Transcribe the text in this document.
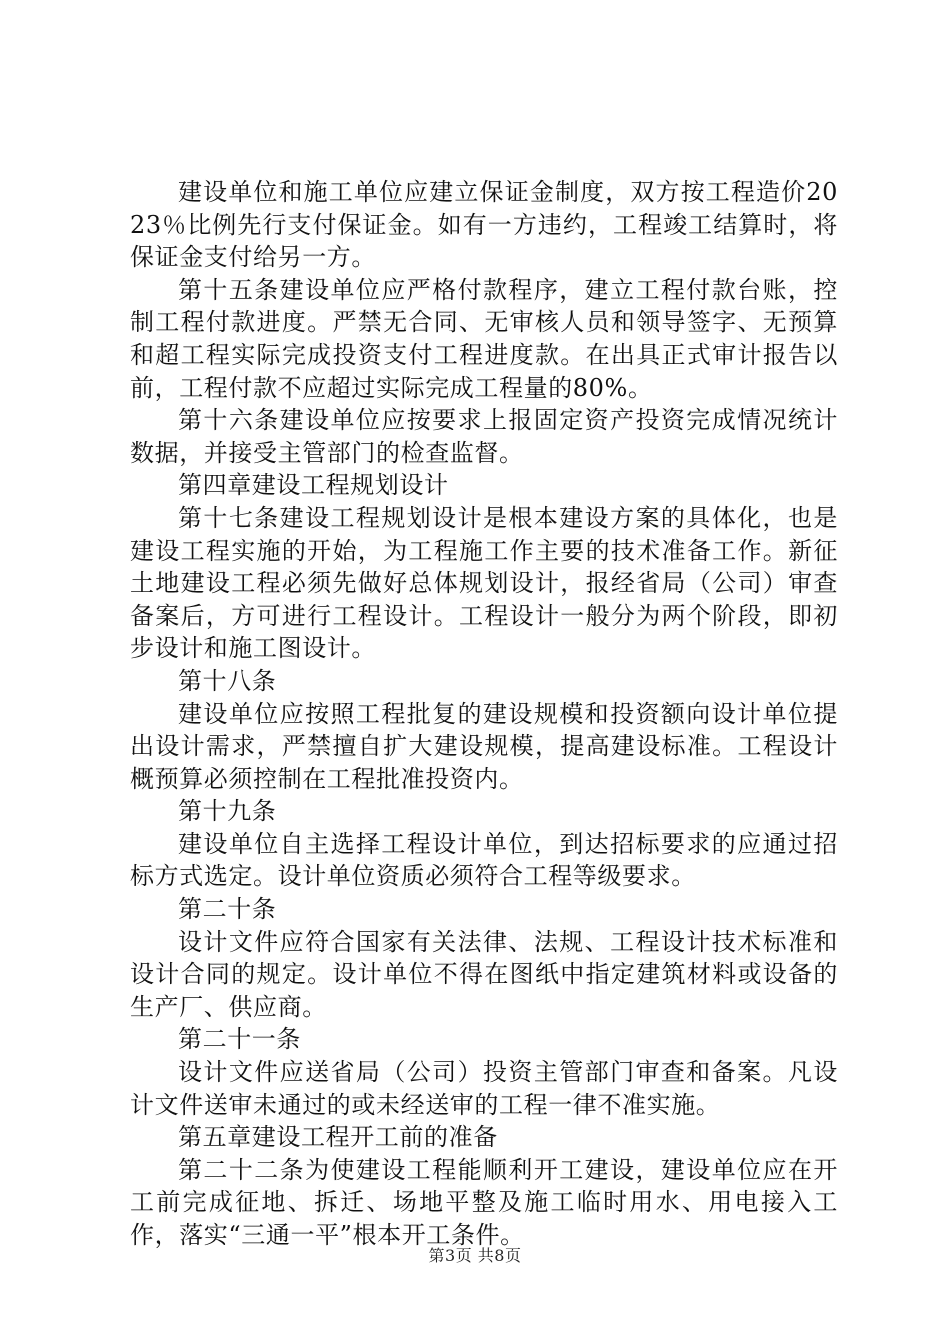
建设单位和施工单位应建立保证金制度，双方按工程造价2023％比例先行支付保证金。如有一方违约，工程竣工结算时，将保证金支付给另一方。

第十五条建设单位应严格付款程序，建立工程付款台账，控制工程付款进度。严禁无合同、无审核人员和领导签字、无预算和超工程实际完成投资支付工程进度款。在出具正式审计报告以前，工程付款不应超过实际完成工程量的80%。

第十六条建设单位应按要求上报固定资产投资完成情况统计数据，并接受主管部门的检查监督。

第四章建设工程规划设计

第十七条建设工程规划设计是根本建设方案的具体化，也是建设工程实施的开始，为工程施工作主要的技术准备工作。新征土地建设工程必须先做好总体规划设计，报经省局（公司）审查备案后，方可进行工程设计。工程设计一般分为两个阶段，即初步设计和施工图设计。

第十八条

建设单位应按照工程批复的建设规模和投资额向设计单位提出设计需求，严禁擅自扩大建设规模，提高建设标准。工程设计概预算必须控制在工程批准投资内。

第十九条

建设单位自主选择工程设计单位，到达招标要求的应通过招标方式选定。设计单位资质必须符合工程等级要求。

第二十条

设计文件应符合国家有关法律、法规、工程设计技术标准和设计合同的规定。设计单位不得在图纸中指定建筑材料或设备的生产厂、供应商。

第二十一条

设计文件应送省局（公司）投资主管部门审查和备案。凡设计文件送审未通过的或未经送审的工程一律不准实施。

第五章建设工程开工前的准备

第二十二条为使建设工程能顺利开工建设，建设单位应在开工前完成征地、拆迁、场地平整及施工临时用水、用电接入工作，落实“三通一平”根本开工条件。

第3页 共8页
